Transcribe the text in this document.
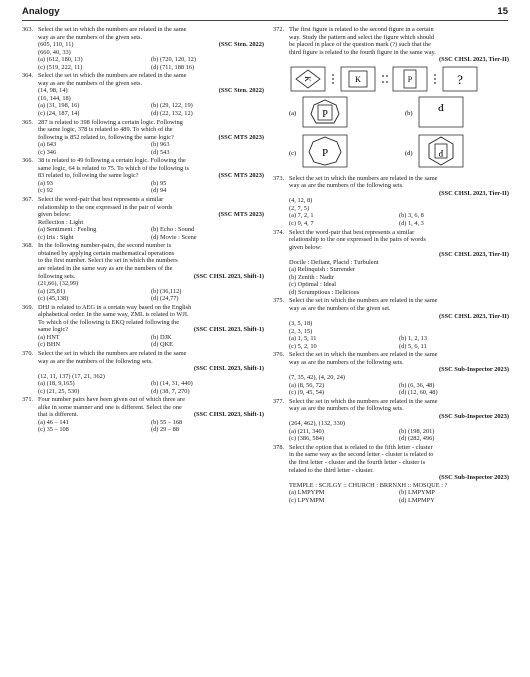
Analogy	15
363. Select the set in which the numbers are related in the same
way as are the numbers of the given sets.
(605, 110, 11)	(SSC Sten. 2022)
(660, 40, 33)
(a) (612, 180, 13)	(b) (720, 120, 12)
(c) (519, 222, 11)	(d) (711, 188 16)
364. Select the set in which the numbers are related in the same
way as are the numbers of the given sets.
(14, 98, 14)	(SSC Sten. 2022)
(16, 144, 18)
(a) (31, 198, 16)	(b) (29, 122, 19)
(c) (24, 187, 14)	(d) (22, 132, 12)
365. 287 is related to 398 following a certain logic. Following
the same logic, 378 is related to 489. To which of the
following is 852 related to, following the same logic?	(SSC MTS 2023)
(a) 643	(b) 963
(c) 346	(d) 543
366. 38 is related to 49 following a certain logic. Following the
same logic, 64 is related to 75. To which of the following is
83 related to, following the same logic?	(SSC MTS 2023)
(a) 93	(b) 95
(c) 92	(d) 94
367. Select the word-pair that best represents a similar
relationship to the one expressed in the pair of words
given below:	(SSC MTS 2023)
Reflection : Light
(a) Sentiment : Feeling	(b) Echo : Sound
(c) Iris : Sight	(d) Movie : Scene
368. In the following number-pairs, the second number is
obtained by applying certain mathematical operations
to the first number. Select the set in which the numbers
are related in the same way as are the numbers of the
following sets.	(SSC CHSL 2023, Shift-1)
(21,66), (32,99)
(a) (25,81)	(b) (36,112)
(c) (45,138)	(d) (24,77)
369. DHJ is related to AEG in a certain way based on the English
alphabetical order. In the same way, ZML is related to WJI.
To which of the following is EKQ related following the
same logic?	(SSC CHSL 2023, Shift-1)
(a) HNT	(b) DJK
(c) BHN	(d) QKE
370. Select the set in which the numbers are related in the same
way as are the numbers of the following sets.
(SSC CHSL 2023, Shift-1)
(12, 11, 137) (17, 21, 362)
(a) (18, 9,165)	(b) (14, 31, 440)
(c) (21, 25, 530)	(d) (38, 7, 270)
371. Four number pairs have been given out of which three are
alike in some manner and one is different. Select the one
that is different.	(SSC CHSL 2023, Shift-1)
(a) 46 – 141	(b) 55 – 168
(c) 35 – 108	(d) 29 – 88
372. The first figure is related to the second figure in a certain
way. Study the pattern and select the figure which should
be placed in place of the question mark (?) such that the
third figure is related to the fourth figure in the same way.
(SSC CHSL 2023, Tier-II)
K	K	P	?
(a)	P	(b)
P
(c) P	(d)	P
373. Select the set in which the numbers are related in the same
way as are the numbers of the following sets.
(SSC CHSL 2023, Tier-II)
(4, 12, 8)
(2, 7, 5)
(a) 7, 2, 1	(b) 3, 6, 8
(c) 9, 4, 7	(d) 1, 4, 3
374. Select the word-pair that best represents a similar
relationship to the one expressed in the pairs of words
given below:
(SSC CHSL 2023, Tier-II)
Docile : Defiant, Placid : Turbulent
(a) Relinquish : Surrender
(b) Zenith : Nadir
(c) Optimal : Ideal
(d) Scrumptious : Delicious
375. Select the set in which the numbers are related in the same
way as are the numbers of the given set.
(SSC CHSL 2023, Tier-II)
(3, 5, 18)
(2, 3, 15)
(a) 1, 5, 11	(b) 1, 2, 13
(c) 5, 2, 10	(d) 5, 6, 11
376. Select the set in which the numbers are related in the same
way as are the numbers of the following sets.
(SSC Sub-Inspector 2023)
(7, 35, 42), (4, 20, 24)
(a) (8, 56, 72)	(b) (6, 36, 48)
(c) (9, 45, 54)	(d) (12, 60, 48)
377. Select the set in which the numbers are related in the same
way as are the numbers of the following sets.
(SSC Sub-Inspector 2023)
(264, 462), (132, 330)
(a) (211, 340)	(b) (198, 201)
(c) (386, 584)	(d) (282, 496)
378. Select the option that is related to the fifth letter - cluster
in the same way as the second letter - cluster is related to
the first letter - cluster and the fourth letter - cluster is
related to the third letter - cluster.
(SSC Sub-Inspector 2023)
TEMPLE : SCJLGY :: CHURCH : BRRNXH :: MOSQUE : ?
(a) LMPYPM	(b) LMPYMP
(c) LPYMPM	(d) LMPMPY
